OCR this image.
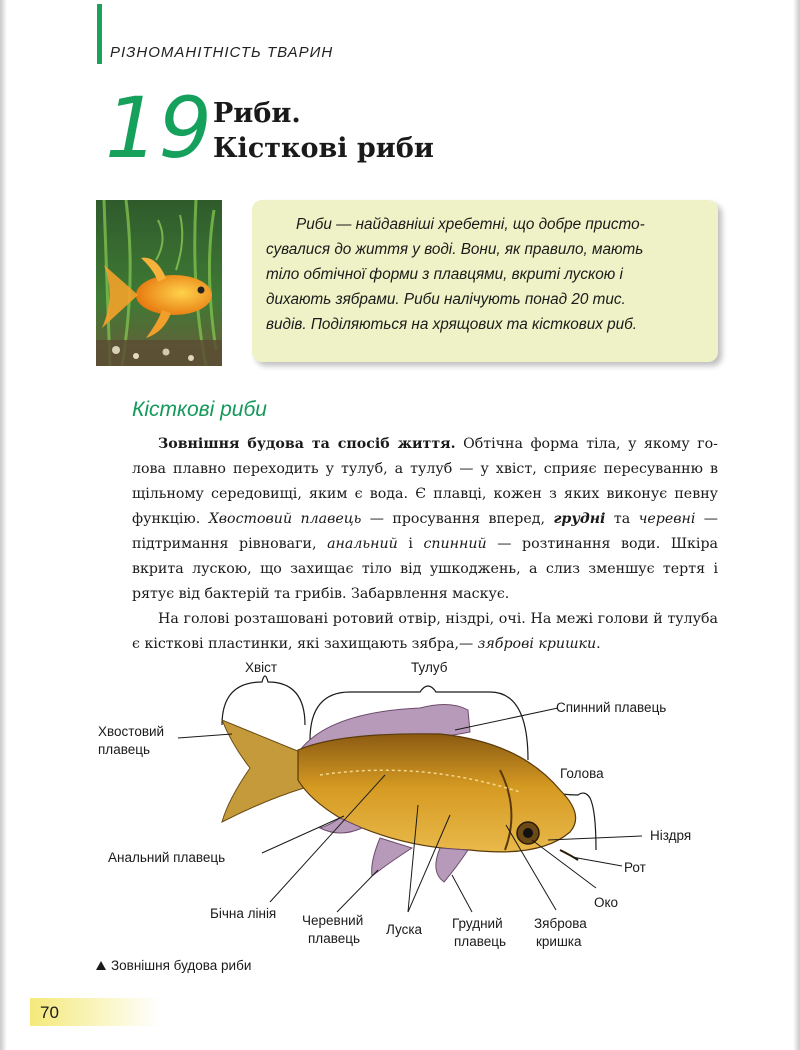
РІЗНОМАНІТНІСТЬ ТВАРИН
19 Риби.
Кісткові риби
Риби — найдавніші хребетні, що добре присто-
сувалися до життя у воді. Вони, як правило, мають
тіло обтічної форми з плавцями, вкриті лускою і
дихають зябрами. Риби налічують понад 20 тис.
видів. Поділяються на хрящових та кісткових риб.
Кісткові риби

Зовнішня будова та спосіб життя. Обтічна форма тіла, у якому го-лова плавно переходить у тулуб, а тулуб — у хвіст, сприяє пересуванню в щільному середовищі, яким є вода. Є плавці, кожен з яких виконує певну функцію. Хвостовий плавець — просування вперед, грудні та черевні — підтримання рівноваги, анальний і спинний — розтинання води. Шкіра вкрита лускою, що захищає тіло від ушкоджень, а слиз зменшує тертя і рятує від бактерій та грибів. Забарвлення маскує.

На голові розташовані ротовий отвір, ніздрі, очі. На межі голови й тулуба є кісткові пластинки, які захищають зябра,— зяброві кришки.

Хвіст	Тулуб
Спинний плавець
Хвостовий
плавець
Голова
Ніздря
Рот
Око
Анальний плавець
Бічна лінія Черевний
плавець
Луска Грудний
плавець
Зяброва
кришка
Зовнішня будова риби
70
